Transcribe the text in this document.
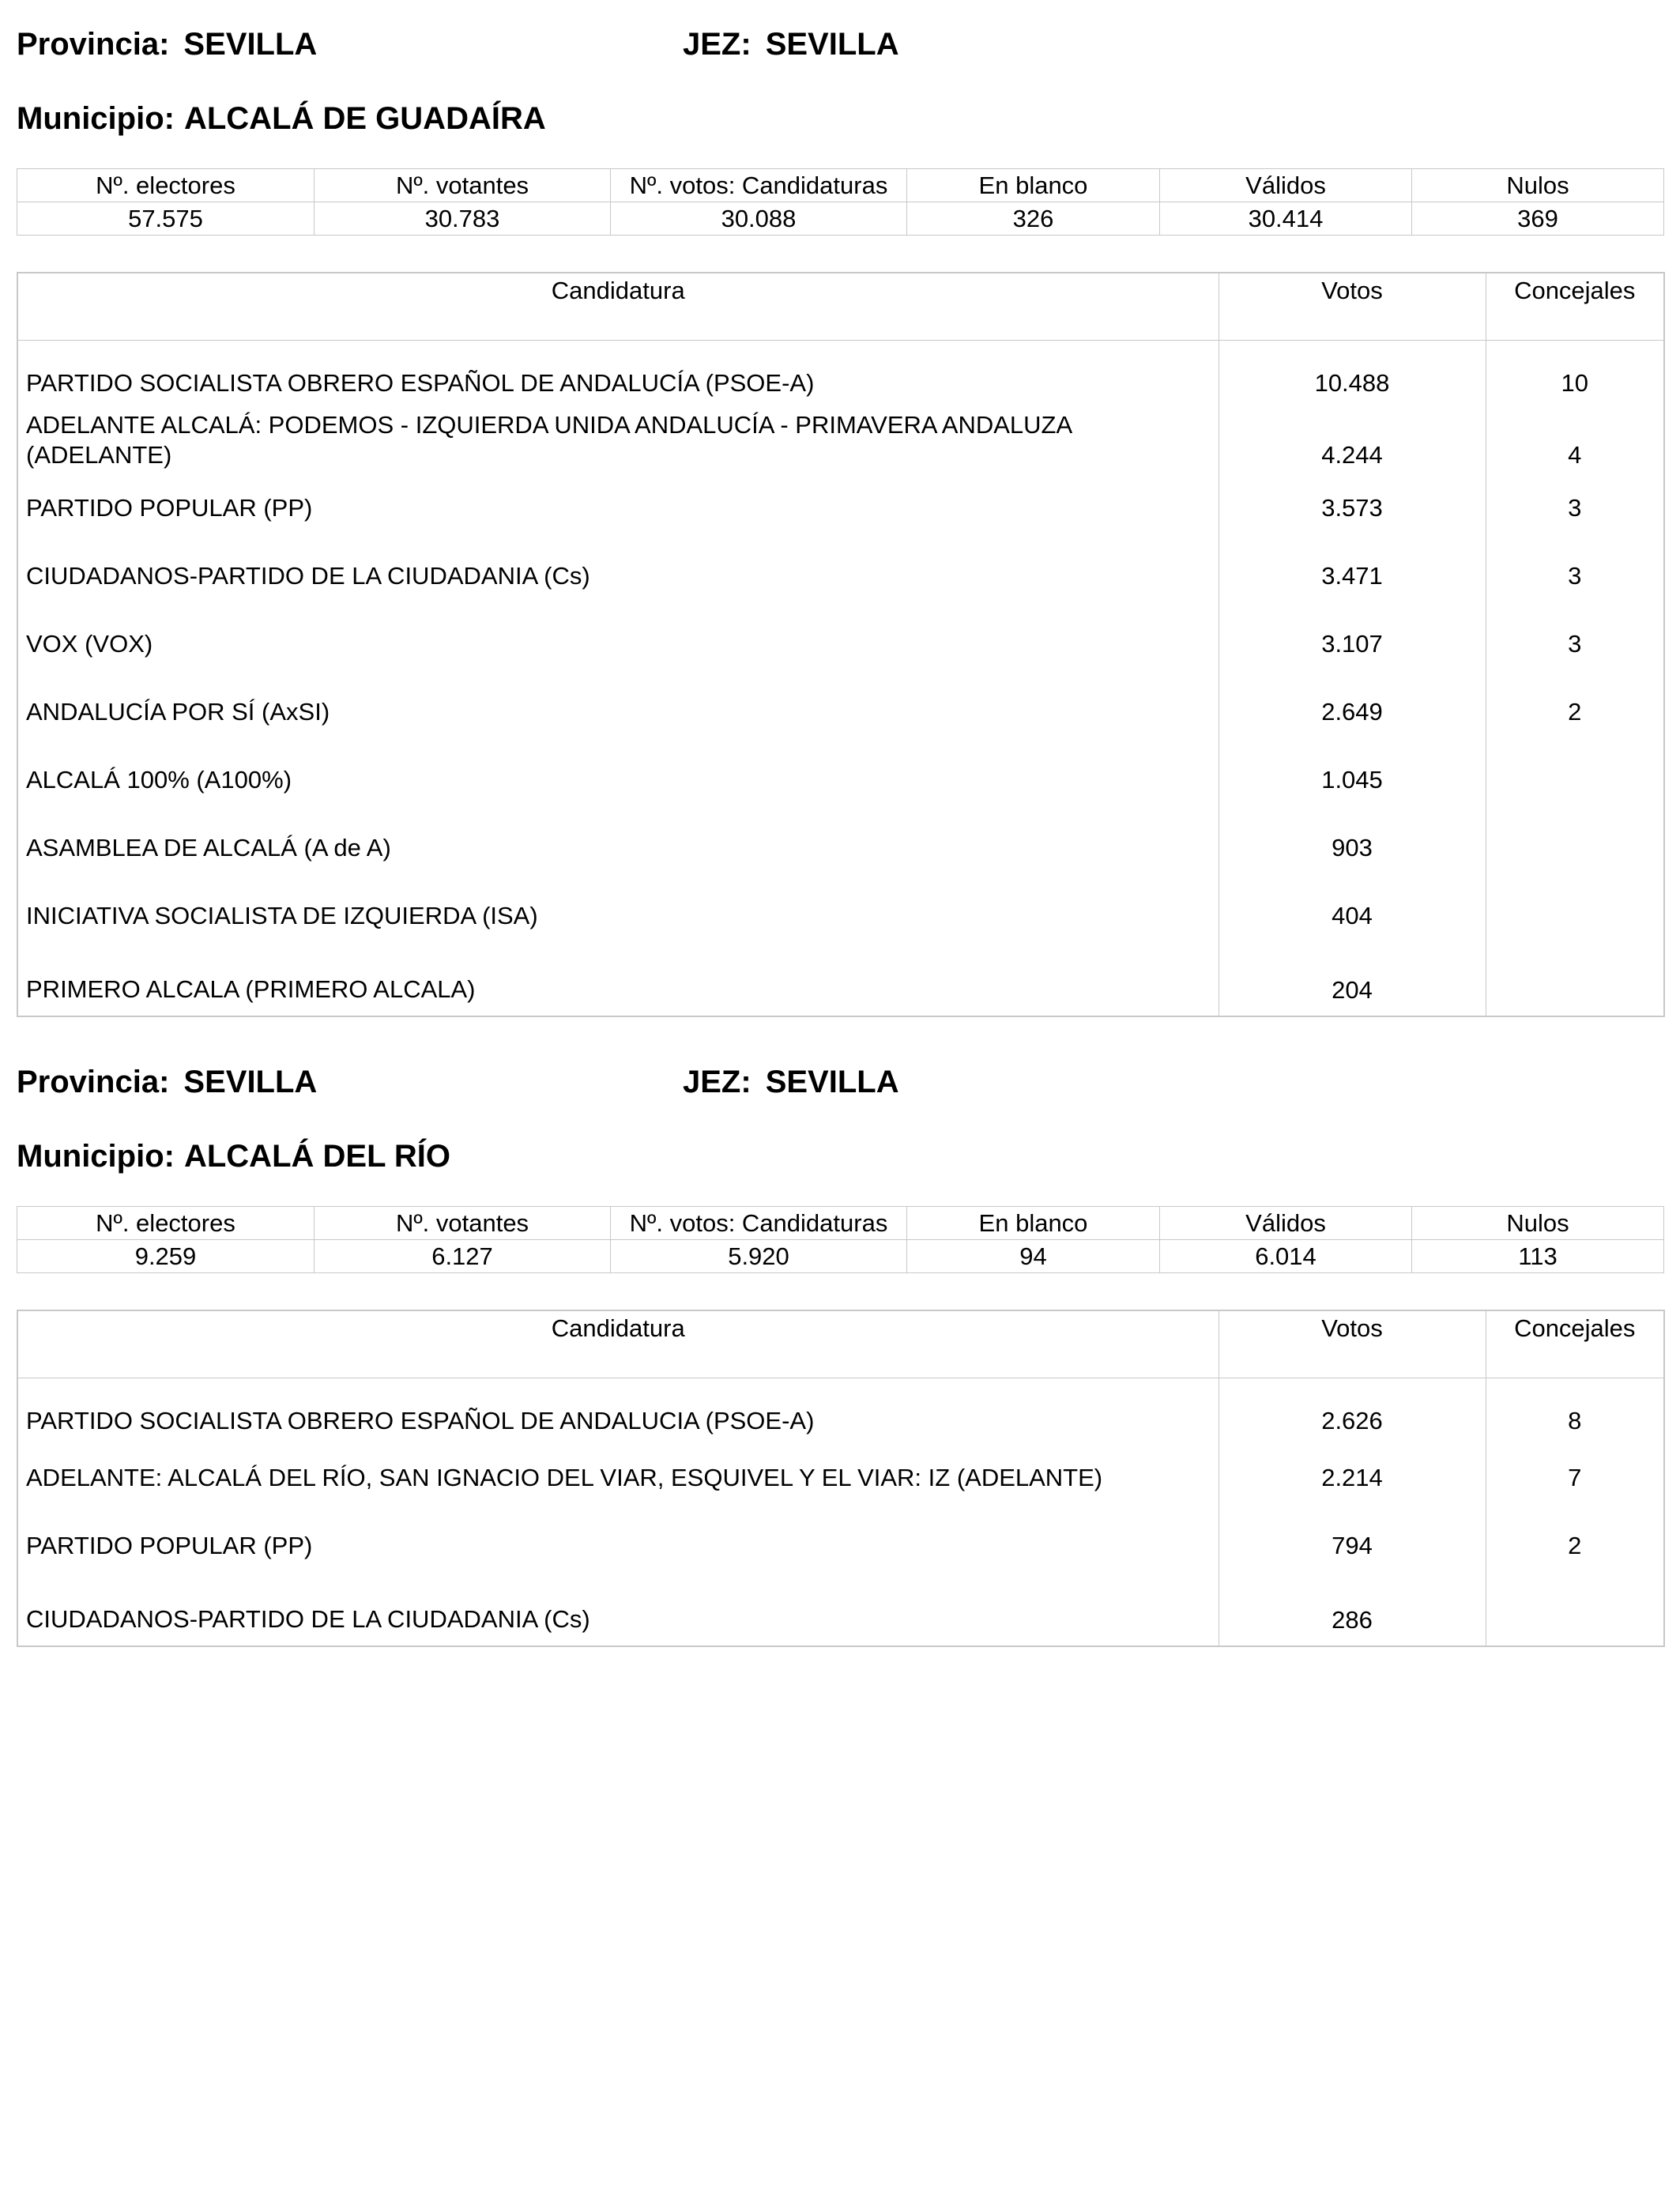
Provincia: SEVILLA	JEZ: SEVILLA
Municipio: ALCALÁ DE GUADAÍRA
Nº. electores	Nº. votantes	Nº. votos: Candidaturas	En blanco	Válidos	Nulos
57.575	30.783	30.088	326	30.414	369
Candidatura	Votos	Concejales

PARTIDO SOCIALISTA OBRERO ESPAÑOL DE ANDALUCÍA (PSOE-A)	10.488	10
ADELANTE ALCALÁ: PODEMOS - IZQUIERDA UNIDA ANDALUCÍA - PRIMAVERA ANDALUZA (ADELANTE)	4.244	4
PARTIDO POPULAR (PP)	3.573	3
CIUDADANOS-PARTIDO DE LA CIUDADANIA (Cs)	3.471	3
VOX (VOX)	3.107	3
ANDALUCÍA POR SÍ (AxSI)	2.649	2
ALCALÁ 100% (A100%)	1.045	
ASAMBLEA DE ALCALÁ (A de A)	903	
INICIATIVA SOCIALISTA DE IZQUIERDA (ISA)	404	
PRIMERO ALCALA (PRIMERO ALCALA)	204	
Provincia: SEVILLA	JEZ: SEVILLA
Municipio: ALCALÁ DEL RÍO
Nº. electores	Nº. votantes	Nº. votos: Candidaturas	En blanco	Válidos	Nulos
9.259	6.127	5.920	94	6.014	113
Candidatura	Votos	Concejales

PARTIDO SOCIALISTA OBRERO ESPAÑOL DE ANDALUCIA (PSOE-A)	2.626	8
ADELANTE: ALCALÁ DEL RÍO, SAN IGNACIO DEL VIAR, ESQUIVEL Y EL VIAR: IZ (ADELANTE)	2.214	7
PARTIDO POPULAR (PP)	794	2
CIUDADANOS-PARTIDO DE LA CIUDADANIA (Cs)	286	
